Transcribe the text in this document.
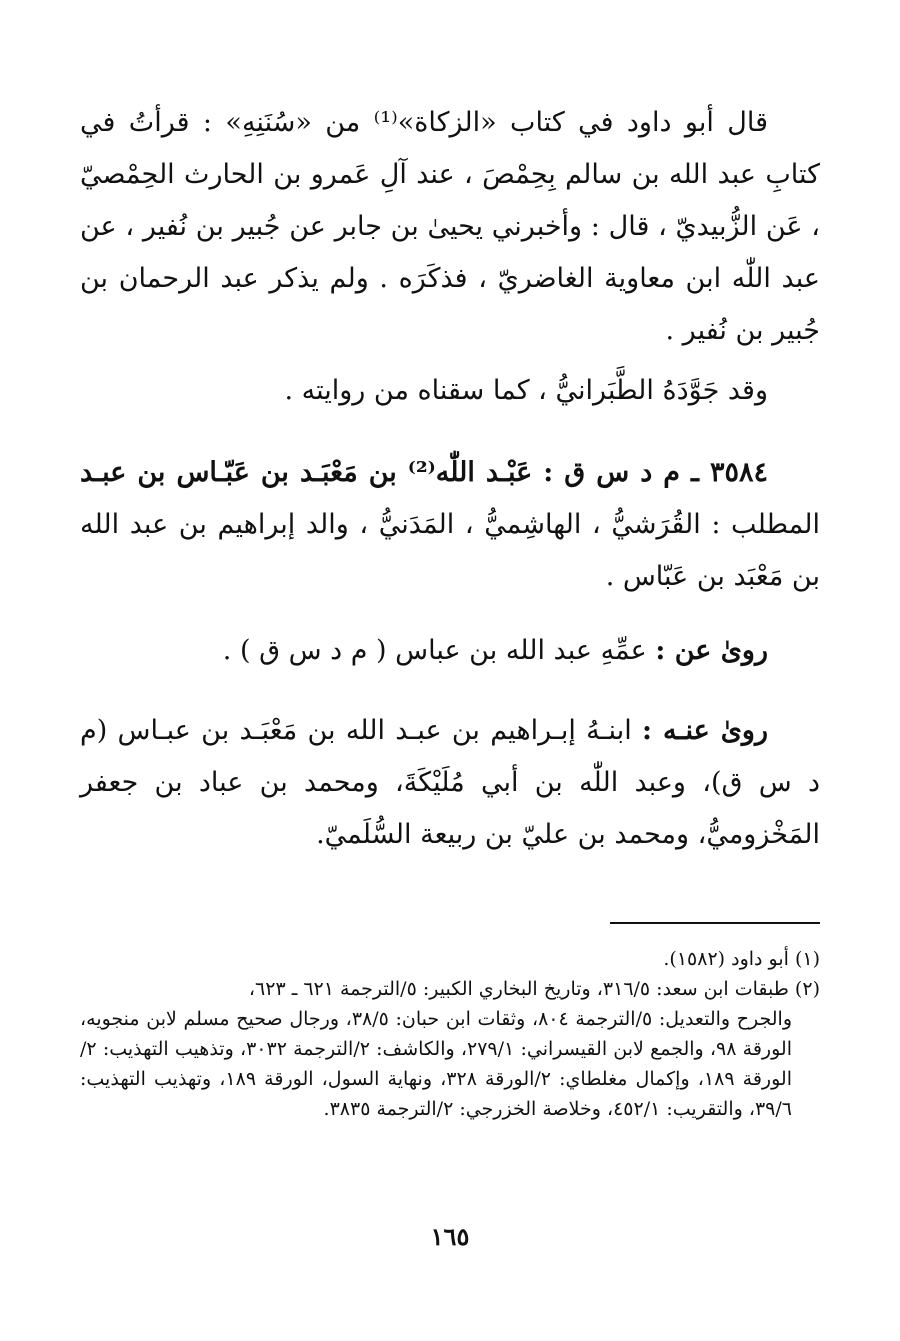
قال أبو داود في كتاب «الزكاة»⁽¹⁾ من «سُنَنِهِ» : قرأتُ في كتابِ عبد الله بن سالم بِحِمْصَ ، عند آلِ عَمرو بن الحارث الحِمْصيّ ، عَن الزُّبيديّ ، قال : وأخبرني يحيىٰ بن جابر عن جُبير بن نُفير ، عن عبد اللّٰه ابن معاوية الغاضريّ ، فذكَرَه . ولم يذكر عبد الرحمان بن جُبير بن نُفير .
وقد جَوَّدَهُ الطَّبَرانيُّ ، كما سقناه من روايته .
٣٥٨٤ ـ م د س ق : عَبْـد اللّٰه⁽²⁾ بن مَعْبَـد بن عَبّـاس بن عبـد المطلب : القُرَشيُّ ، الهاشِميُّ ، المَدَنيُّ ، والد إبراهيم بن عبد الله بن مَعْبَد بن عَبّاس .
روىٰ عن : عمِّهِ عبد الله بن عباس ( م د س ق ) .
روىٰ عنـه : ابنـهُ إبـراهيم بن عبـد الله بن مَعْبَـد بن عبـاس (م د س ق)، وعبد اللّٰه بن أبي مُلَيْكَةَ، ومحمد بن عباد بن جعفر المَخْزوميُّ، ومحمد بن عليّ بن ربيعة السُّلَميّ.

(١) أبو داود (١٥٨٢).

(٢) طبقات ابن سعد: ٣١٦/٥، وتاريخ البخاري الكبير: ٥/الترجمة ٦٢١ ـ ٦٢٣،

والجرح والتعديل: ٥/الترجمة ٨٠٤، وثقات ابن حبان: ٣٨/٥، ورجال صحيح مسلم لابن منجويه، الورقة ٩٨، والجمع لابن القيسراني: ٢٧٩/١، والكاشف: ٢/الترجمة ٣٠٣٢، وتذهيب التهذيب: ٢/الورقة ١٨٩، وإكمال مغلطاي: ٢/الورقة ٣٢٨، ونهاية السول، الورقة ١٨٩، وتهذيب التهذيب: ٣٩/٦، والتقريب: ٤٥٢/١، وخلاصة الخزرجي: ٢/الترجمة ٣٨٣٥.

١٦٥
